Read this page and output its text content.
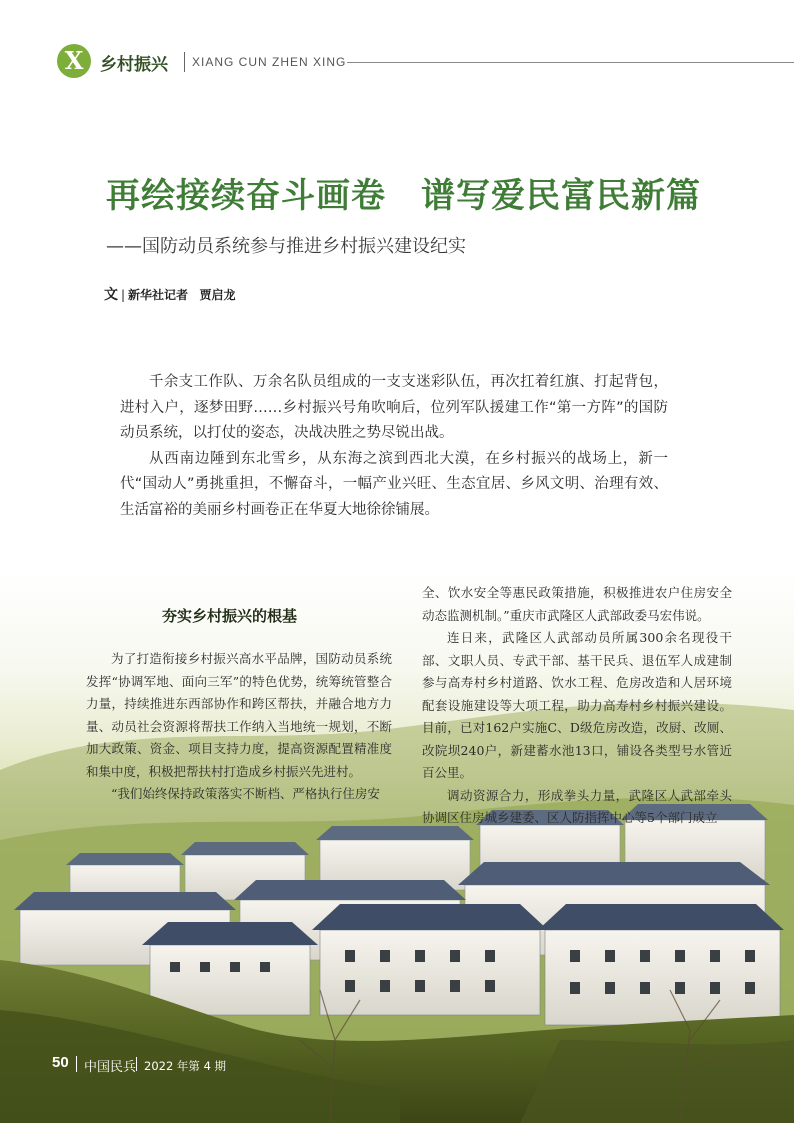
X 乡村振兴 XIANG CUN ZHEN XING
再绘接续奋斗画卷　谱写爱民富民新篇
——国防动员系统参与推进乡村振兴建设纪实
文 | 新华社记者 贾启龙

千余支工作队、万余名队员组成的一支支迷彩队伍，再次扛着红旗、打起背包，进村入户，逐梦田野……乡村振兴号角吹响后，位列军队援建工作“第一方阵”的国防动员系统，以打仗的姿态，决战决胜之势尽锐出战。

从西南边陲到东北雪乡，从东海之滨到西北大漠，在乡村振兴的战场上，新一代“国动人”勇挑重担，不懈奋斗，一幅产业兴旺、生态宜居、乡风文明、治理有效、生活富裕的美丽乡村画卷正在华夏大地徐徐铺展。

夯实乡村振兴的根基

为了打造衔接乡村振兴高水平品牌，国防动员系统发挥“协调军地、面向三军”的特色优势，统筹统管整合力量，持续推进东西部协作和跨区帮扶，并融合地方力量、动员社会资源将帮扶工作纳入当地统一规划，不断加大政策、资金、项目支持力度，提高资源配置精准度和集中度，积极把帮扶村打造成乡村振兴先进村。

“我们始终保持政策落实不断档、严格执行住房安

全、饮水安全等惠民政策措施，积极推进农户住房安全动态监测机制。”重庆市武隆区人武部政委马宏伟说。

连日来，武隆区人武部动员所属300余名现役干部、文职人员、专武干部、基干民兵、退伍军人成建制参与高寿村乡村道路、饮水工程、危房改造和人居环境配套设施建设等大项工程，助力高寿村乡村振兴建设。目前，已对162户实施C、D级危房改造，改厨、改厕、改院坝240户，新建蓄水池13口，铺设各类型号水管近百公里。

调动资源合力，形成拳头力量，武隆区人武部牵头协调区住房城乡建委、区人防指挥中心等5个部门成立

50 中国民兵 2022 年第 4 期
